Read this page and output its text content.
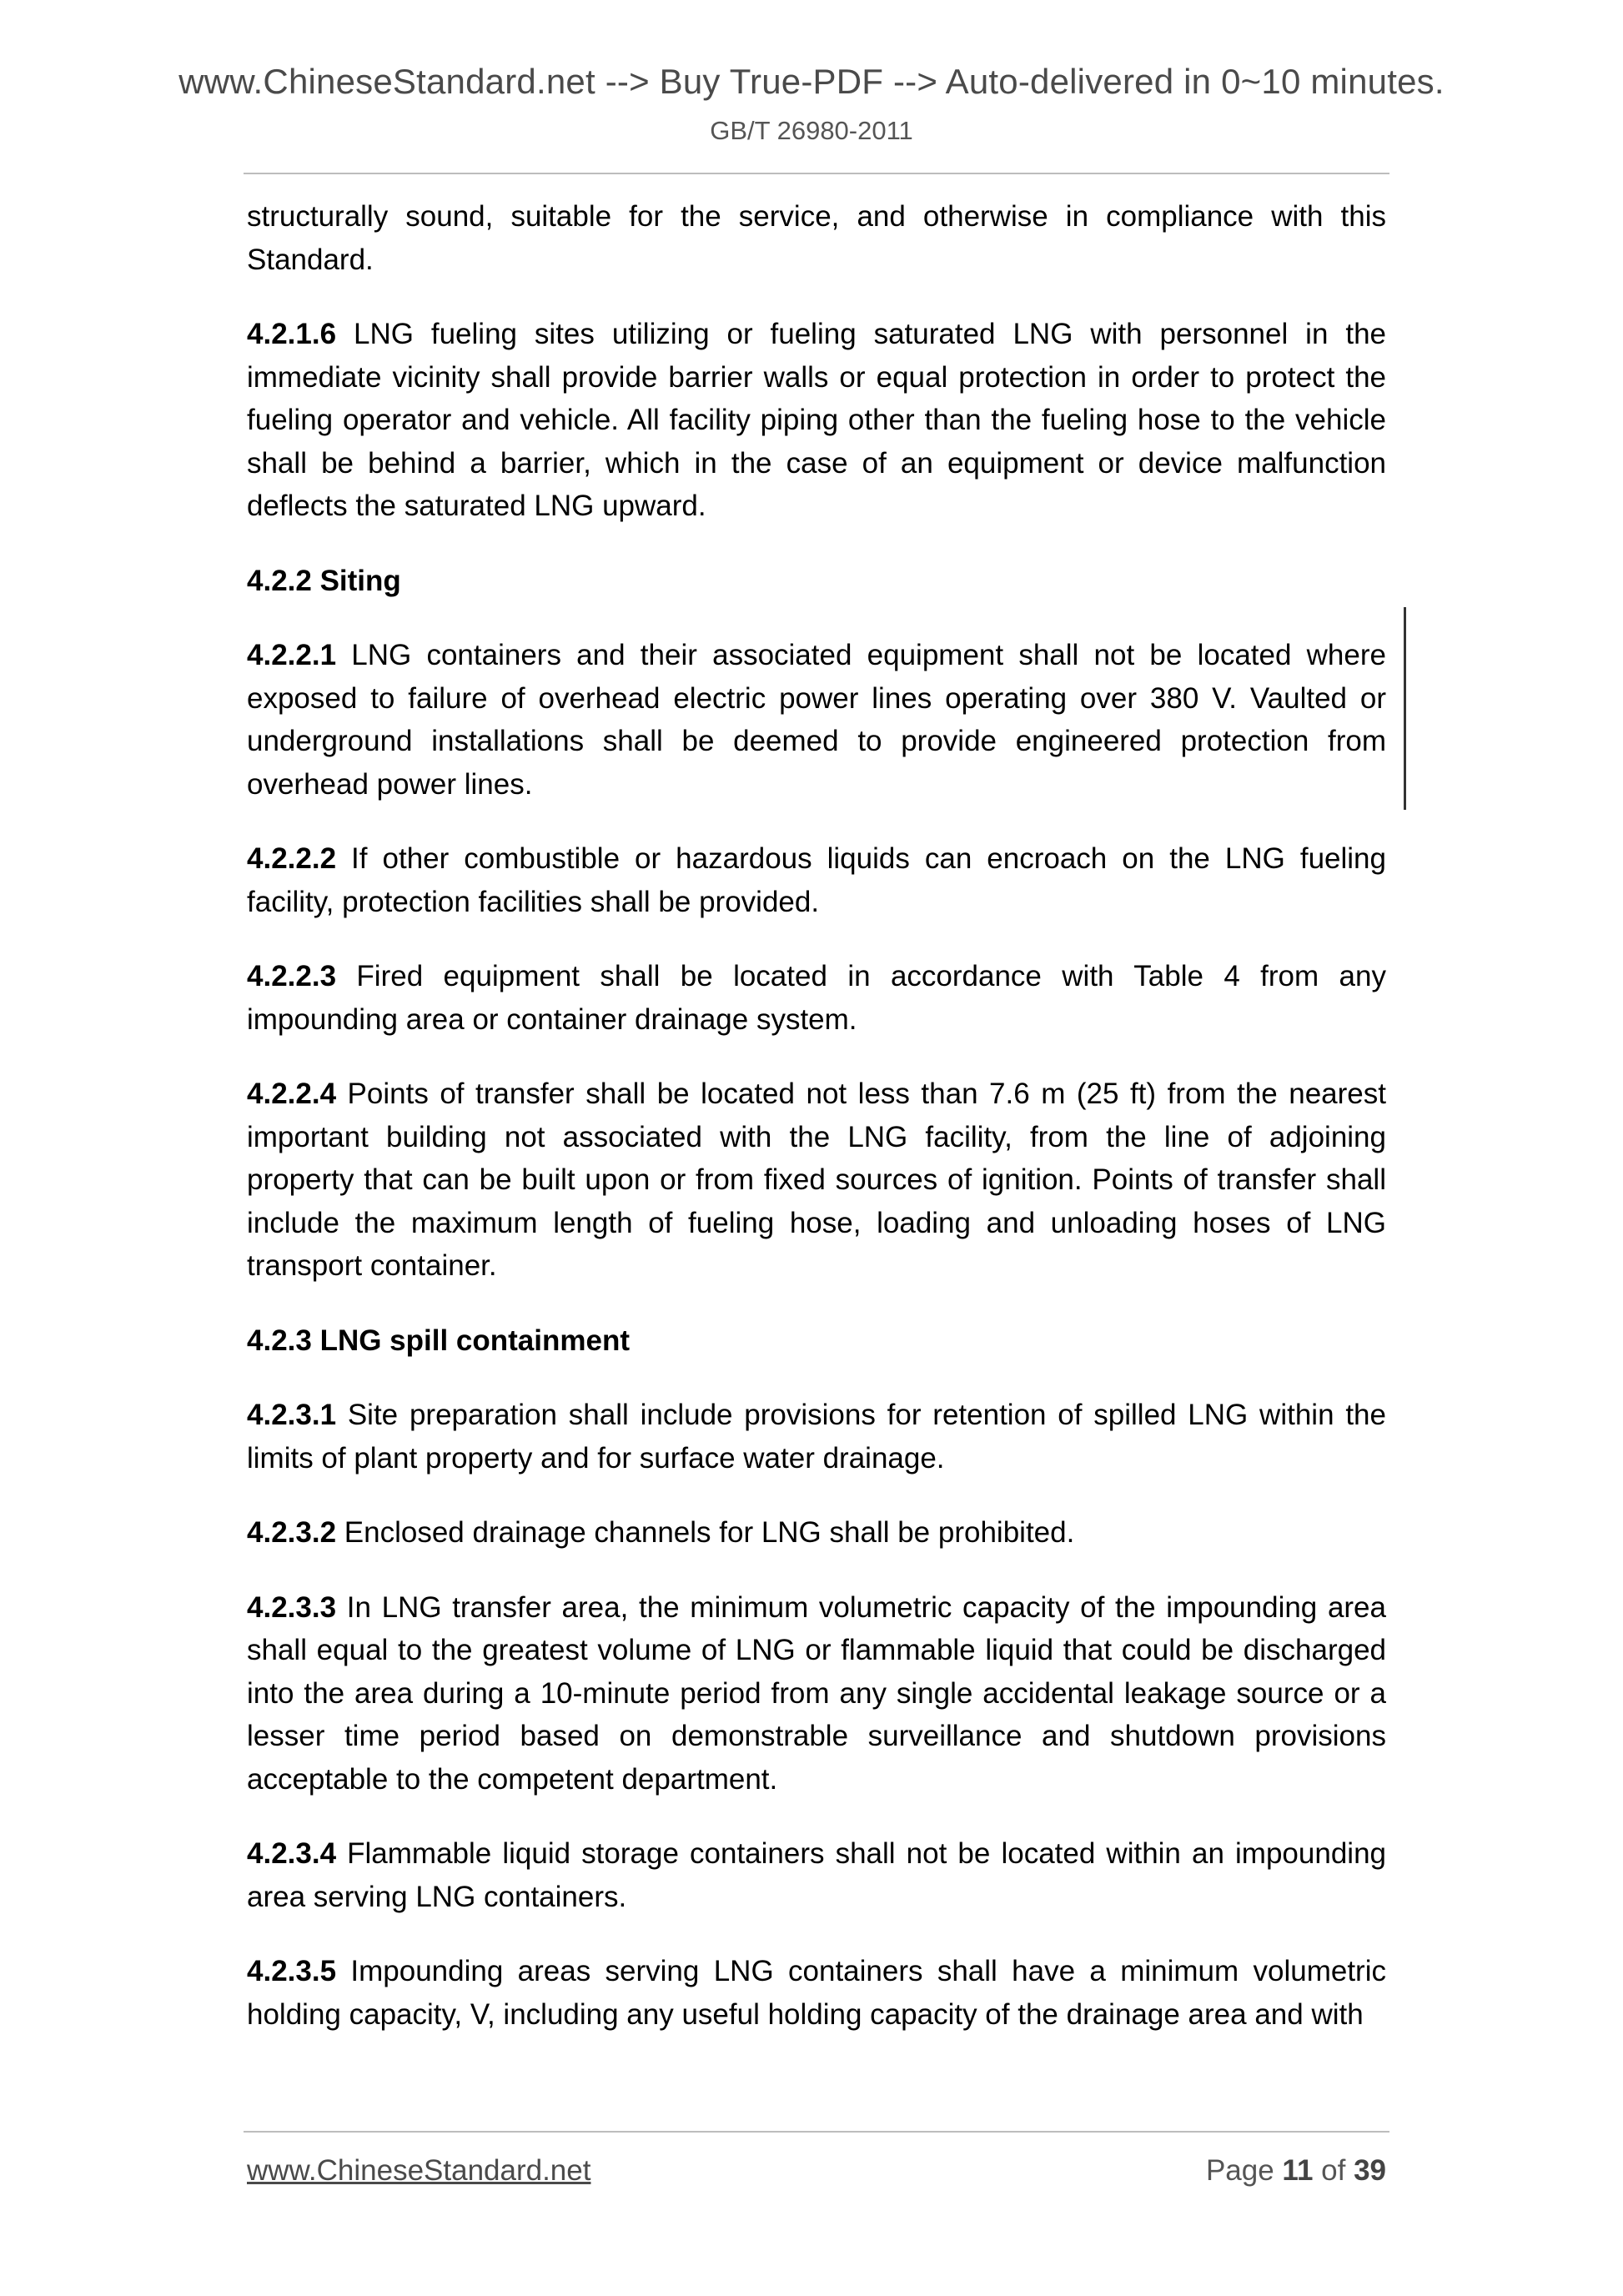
www.ChineseStandard.net --> Buy True-PDF --> Auto-delivered in 0~10 minutes.
GB/T 26980-2011

structurally sound, suitable for the service, and otherwise in compliance with this Standard.

4.2.1.6 LNG fueling sites utilizing or fueling saturated LNG with personnel in the immediate vicinity shall provide barrier walls or equal protection in order to protect the fueling operator and vehicle. All facility piping other than the fueling hose to the vehicle shall be behind a barrier, which in the case of an equipment or device malfunction deflects the saturated LNG upward.

4.2.2 Siting

4.2.2.1 LNG containers and their associated equipment shall not be located where exposed to failure of overhead electric power lines operating over 380 V. Vaulted or underground installations shall be deemed to provide engineered protection from overhead power lines.

4.2.2.2 If other combustible or hazardous liquids can encroach on the LNG fueling facility, protection facilities shall be provided.

4.2.2.3 Fired equipment shall be located in accordance with Table 4 from any impounding area or container drainage system.

4.2.2.4 Points of transfer shall be located not less than 7.6 m (25 ft) from the nearest important building not associated with the LNG facility, from the line of adjoining property that can be built upon or from fixed sources of ignition. Points of transfer shall include the maximum length of fueling hose, loading and unloading hoses of LNG transport container.

4.2.3 LNG spill containment

4.2.3.1 Site preparation shall include provisions for retention of spilled LNG within the limits of plant property and for surface water drainage.

4.2.3.2 Enclosed drainage channels for LNG shall be prohibited.

4.2.3.3 In LNG transfer area, the minimum volumetric capacity of the impounding area shall equal to the greatest volume of LNG or flammable liquid that could be discharged into the area during a 10-minute period from any single accidental leakage source or a lesser time period based on demonstrable surveillance and shutdown provisions acceptable to the competent department.

4.2.3.4 Flammable liquid storage containers shall not be located within an impounding area serving LNG containers.

4.2.3.5 Impounding areas serving LNG containers shall have a minimum volumetric holding capacity, V, including any useful holding capacity of the drainage area and with

www.ChineseStandard.net	Page 11 of 39
